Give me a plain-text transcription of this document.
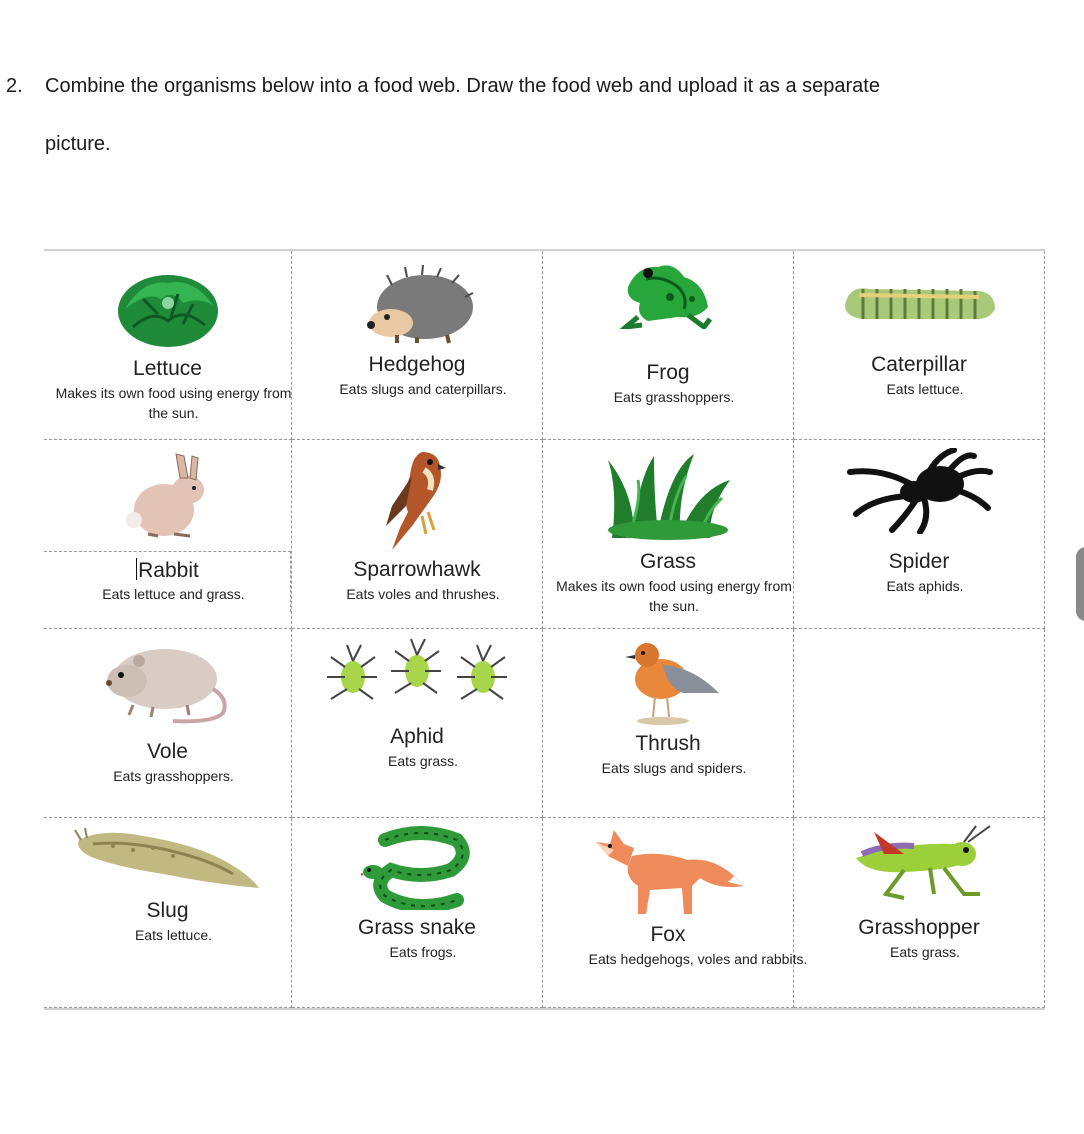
2. Combine the organisms below into a food web. Draw the food web and upload it as a separate
picture.
Lettuce
Makes its own food using energy from the sun.
Hedgehog
Eats slugs and caterpillars.
Frog
Eats grasshoppers.
Caterpillar
Eats lettuce.
Rabbit
Eats lettuce and grass.
Sparrowhawk
Eats voles and thrushes.
Grass
Makes its own food using energy from the sun.
Spider
Eats aphids.
Vole
Eats grasshoppers.
Aphid
Eats grass.
Thrush
Eats slugs and spiders.
Slug
Eats lettuce.	Grass snake
Eats frogs.
Fox
Eats hedgehogs, voles and rabbits.
Grasshopper
Eats grass.
